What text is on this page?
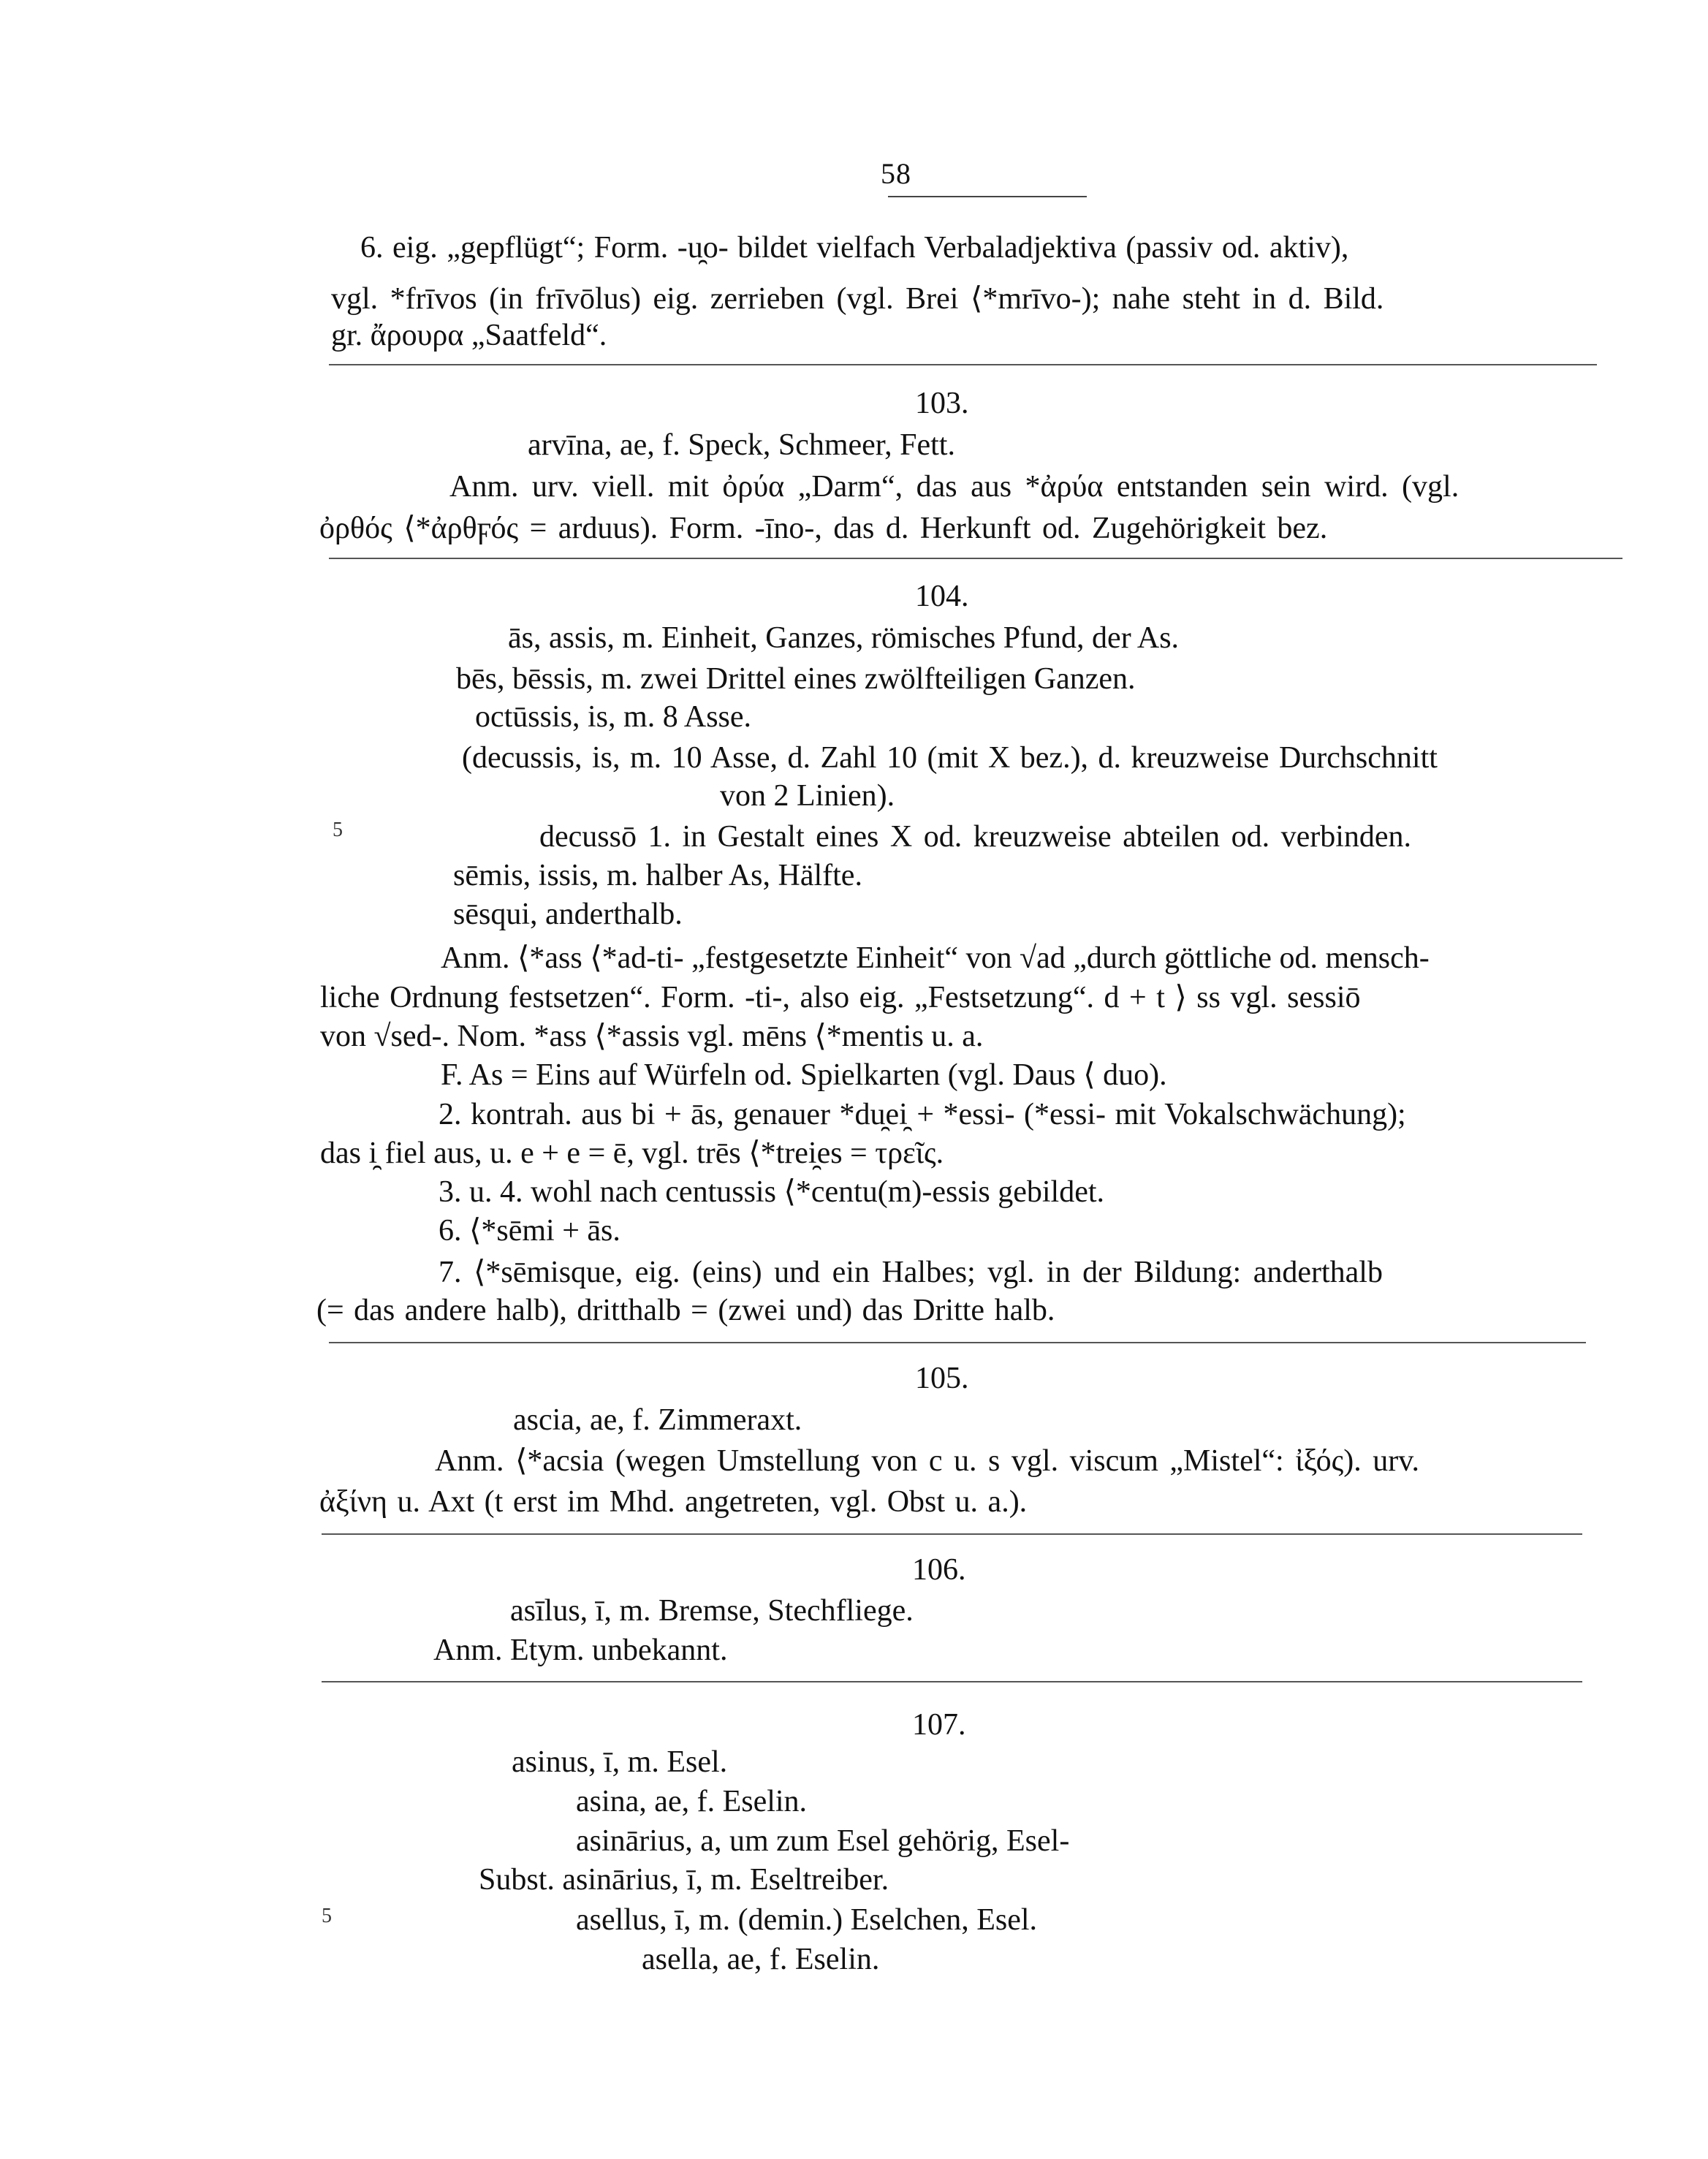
58
6. eig. „gepflügt“; Form. -u̯o- bildet vielfach Verbaladjektiva (passiv od. aktiv),
vgl. *frīvos (in frīvōlus) eig. zerrieben (vgl. Brei ⟨*mrīvo-); nahe steht in d. Bild.
gr. ἄρουρα „Saatfeld“.
103.
arvīna, ae, f. Speck, Schmeer, Fett.
Anm. urv. viell. mit ὀρύα „Darm“, das aus *ἀρύα entstanden sein wird. (vgl.
ὀρθός ⟨*ἀρθϝός = arduus). Form. -īno-, das d. Herkunft od. Zugehörigkeit bez.
104.
ās, assis, m. Einheit, Ganzes, römisches Pfund, der As.
bēs, bēssis, m. zwei Drittel eines zwölfteiligen Ganzen.
octūssis, is, m. 8 Asse.
(decussis, is, m. 10 Asse, d. Zahl 10 (mit X bez.), d. kreuzweise Durchschnitt
von 2 Linien).
5	decussō 1. in Gestalt eines X od. kreuzweise abteilen od. verbinden.
sēmis, issis, m. halber As, Hälfte.
sēsqui, anderthalb.
Anm. ⟨*ass ⟨*ad-ti- „festgesetzte Einheit“ von √ad „durch göttliche od. mensch-
liche Ordnung festsetzen“. Form. -ti-, also eig. „Festsetzung“. d + t ⟩ ss vgl. sessiō
von √sed-. Nom. *ass ⟨*assis vgl. mēns ⟨*mentis u. a.
F. As = Eins auf Würfeln od. Spielkarten (vgl. Daus ⟨ duo).
2. kontrah. aus bi + ās, genauer *du̯ei̯ + *essi- (*essi- mit Vokalschwächung);
das i̯ fiel aus, u. e + e = ē, vgl. trēs ⟨*trei̯es = τρεῖς.
3. u. 4. wohl nach centussis ⟨*centu(m)-essis gebildet.
6. ⟨*sēmi + ās.
7. ⟨*sēmisque, eig. (eins) und ein Halbes; vgl. in der Bildung: anderthalb
(= das andere halb), dritthalb = (zwei und) das Dritte halb.
105.
ascia, ae, f. Zimmeraxt.
Anm. ⟨*acsia (wegen Umstellung von c u. s vgl. viscum „Mistel“: ἰξός). urv.
ἀξίνη u. Axt (t erst im Mhd. angetreten, vgl. Obst u. a.).
106.
asīlus, ī, m. Bremse, Stechfliege.
Anm. Etym. unbekannt.
107.
asinus, ī, m. Esel.
asina, ae, f. Eselin.
asinārius, a, um zum Esel gehörig, Esel-
Subst. asinārius, ī, m. Eseltreiber.
5	asellus, ī, m. (demin.) Eselchen, Esel.
asella, ae, f. Eselin.
